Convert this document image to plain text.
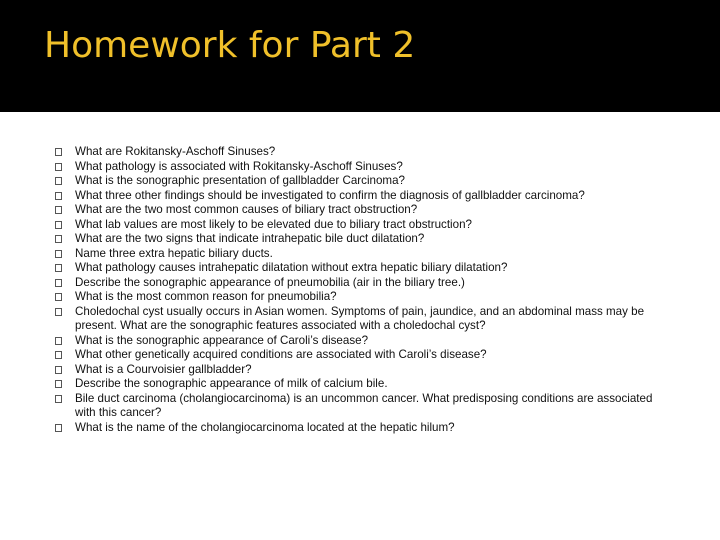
Homework for Part 2
What are Rokitansky-Aschoff Sinuses?
What pathology is associated with Rokitansky-Aschoff Sinuses?
What is the sonographic presentation of gallbladder Carcinoma?
What three other findings should be investigated to confirm the diagnosis of gallbladder carcinoma?
What are the two most common causes of biliary tract obstruction?
What lab values are most likely to be elevated due to biliary tract obstruction?
What are the two signs that indicate intrahepatic bile duct dilatation?
Name three extra hepatic biliary ducts.
What pathology causes intrahepatic dilatation without extra hepatic biliary dilatation?
Describe the sonographic appearance of pneumobilia (air in the biliary tree.)
What is the most common reason for pneumobilia?
Choledochal cyst usually occurs in Asian women. Symptoms of pain, jaundice, and an abdominal mass may be present. What are the sonographic features associated with a choledochal cyst?
What is the sonographic appearance of Caroli’s disease?
What other genetically acquired conditions are associated with Caroli’s disease?
What is a Courvoisier gallbladder?
Describe the sonographic appearance of milk of calcium bile.
Bile duct carcinoma (cholangiocarcinoma) is an uncommon cancer. What predisposing conditions are associated with this cancer?
What is the name of the cholangiocarcinoma located at the hepatic hilum?
